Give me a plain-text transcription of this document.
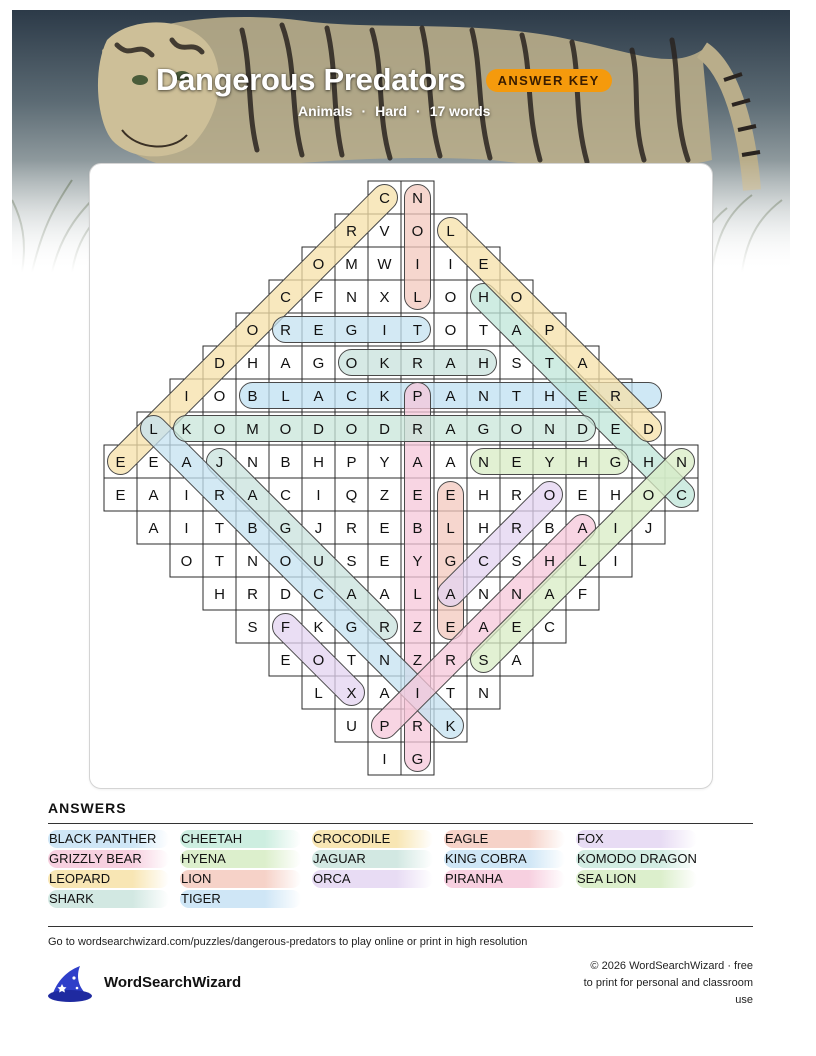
Dangerous Predators	ANSWER KEY
Animals · Hard · 17 words
C N
R V O L
O M W I I E
C F N X L O H O
O R E G I T O T A P
D H A G O K R A H S T A
I O B L A C K P A N T H E R
L K O M O D O D R A G O N D E D
E E A J N B H P Y A A N E Y H G H N
E A I R A C I Q Z E E H R O E H O C
A I T B G J R E B L H R B A I J
O T N O U S E Y G C S H L I
H R D C A A L A N N A F
S F K G R Z E A E C
E O T N Z R S A
L X A I T N
U P R K
I G
ANSWERS
BLACK PANTHER	CHEETAH	CROCODILE	EAGLE	FOX
GRIZZLY BEAR	HYENA	JAGUAR	KING COBRA	KOMODO DRAGON
LEOPARD	LION	ORCA	PIRANHA	SEA LION
SHARK	TIGER
Go to wordsearchwizard.com/puzzles/dangerous-predators to play online or print in high resolution
WordSearchWizard
© 2026 WordSearchWizard · free to print for personal and classroom use
